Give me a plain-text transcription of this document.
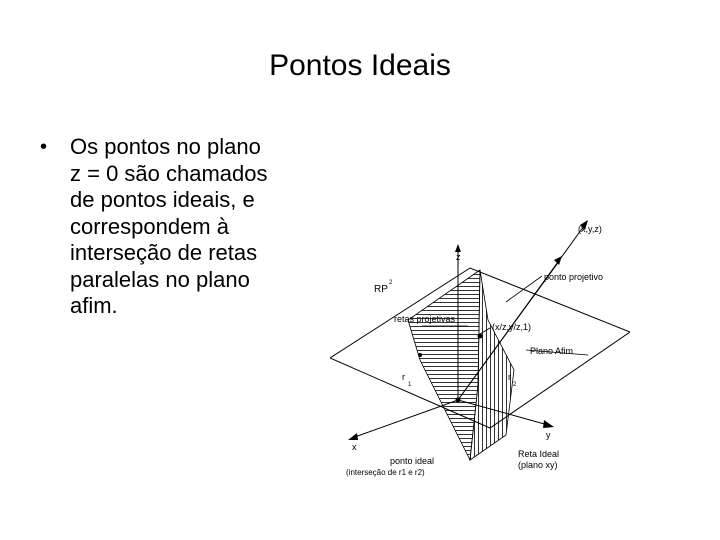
Pontos Ideais
• Os pontos no plano
z = 0 são chamados
de pontos ideais, e
correspondem à
interseção de retas
paralelas no plano
afim.
(x,y,z)
RP
2
z
ponto projetivo
retas projetivas
(x/z,y/z,1)
Plano Afim
r
1
r
2
y
x
Reta Ideal
(plano xy)
ponto ideal
(interseção de r1 e r2)
